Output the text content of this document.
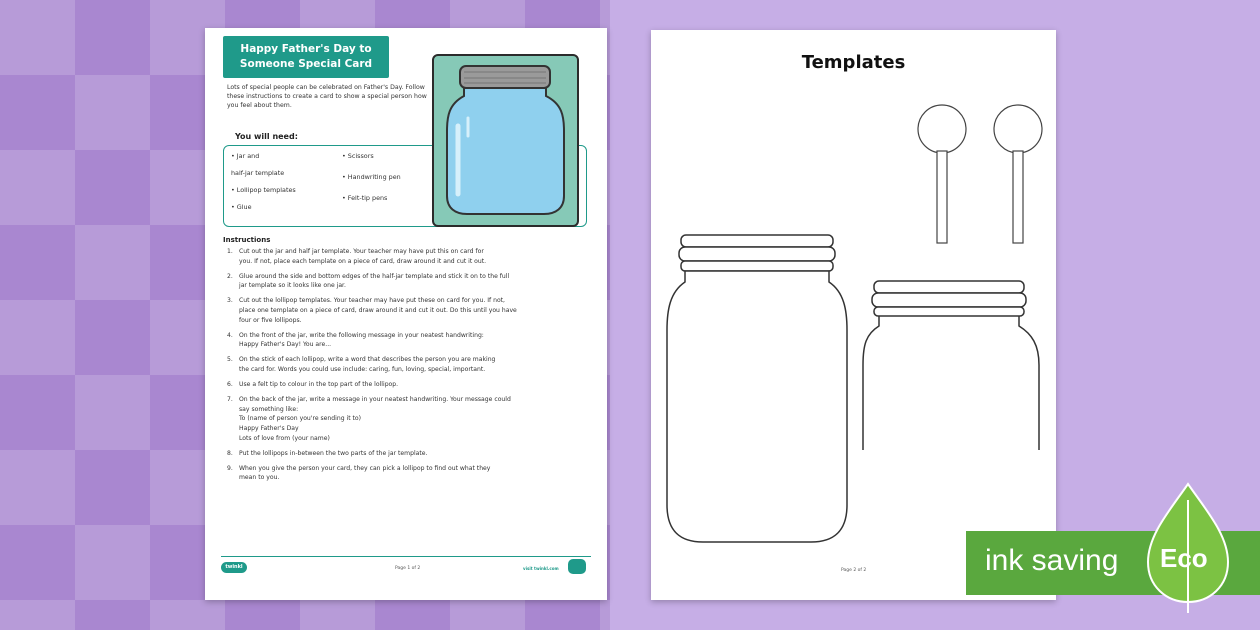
Happy Father's Day to
Someone Special Card
Lots of special people can be celebrated on Father's Day. Follow these instructions to create a card to show a special person how you feel about them.
You will need:
• Jar and
half-jar template
• Lollipop templates
• Glue
• Scissors
• Handwriting pen
• Felt-tip pens
Instructions
1.	Cut out the jar and half jar template. Your teacher may have put this on card for
you. If not, place each template on a piece of card, draw around it and cut it out.
2.	Glue around the side and bottom edges of the half-jar template and stick it on to the full
jar template so it looks like one jar.
3.	Cut out the lollipop templates. Your teacher may have put these on card for you. If not,
place one template on a piece of card, draw around it and cut it out. Do this until you have
four or five lollipops.
4.	On the front of the jar, write the following message in your neatest handwriting:
Happy Father's Day! You are...
5.	On the stick of each lollipop, write a word that describes the person you are making
the card for. Words you could use include: caring, fun, loving, special, important.
6.	Use a felt tip to colour in the top part of the lollipop.
7.	On the back of the jar, write a message in your neatest handwriting. Your message could
say something like:
To (name of person you're sending it to)
Happy Father's Day
Lots of love from (your name)
8.	Put the lollipops in-between the two parts of the jar template.
9.	When you give the person your card, they can pick a lollipop to find out what they
mean to you.
twinkl	Page 1 of 2	visit twinkl.com
Templates
Page 2 of 2	ink saving Eco
